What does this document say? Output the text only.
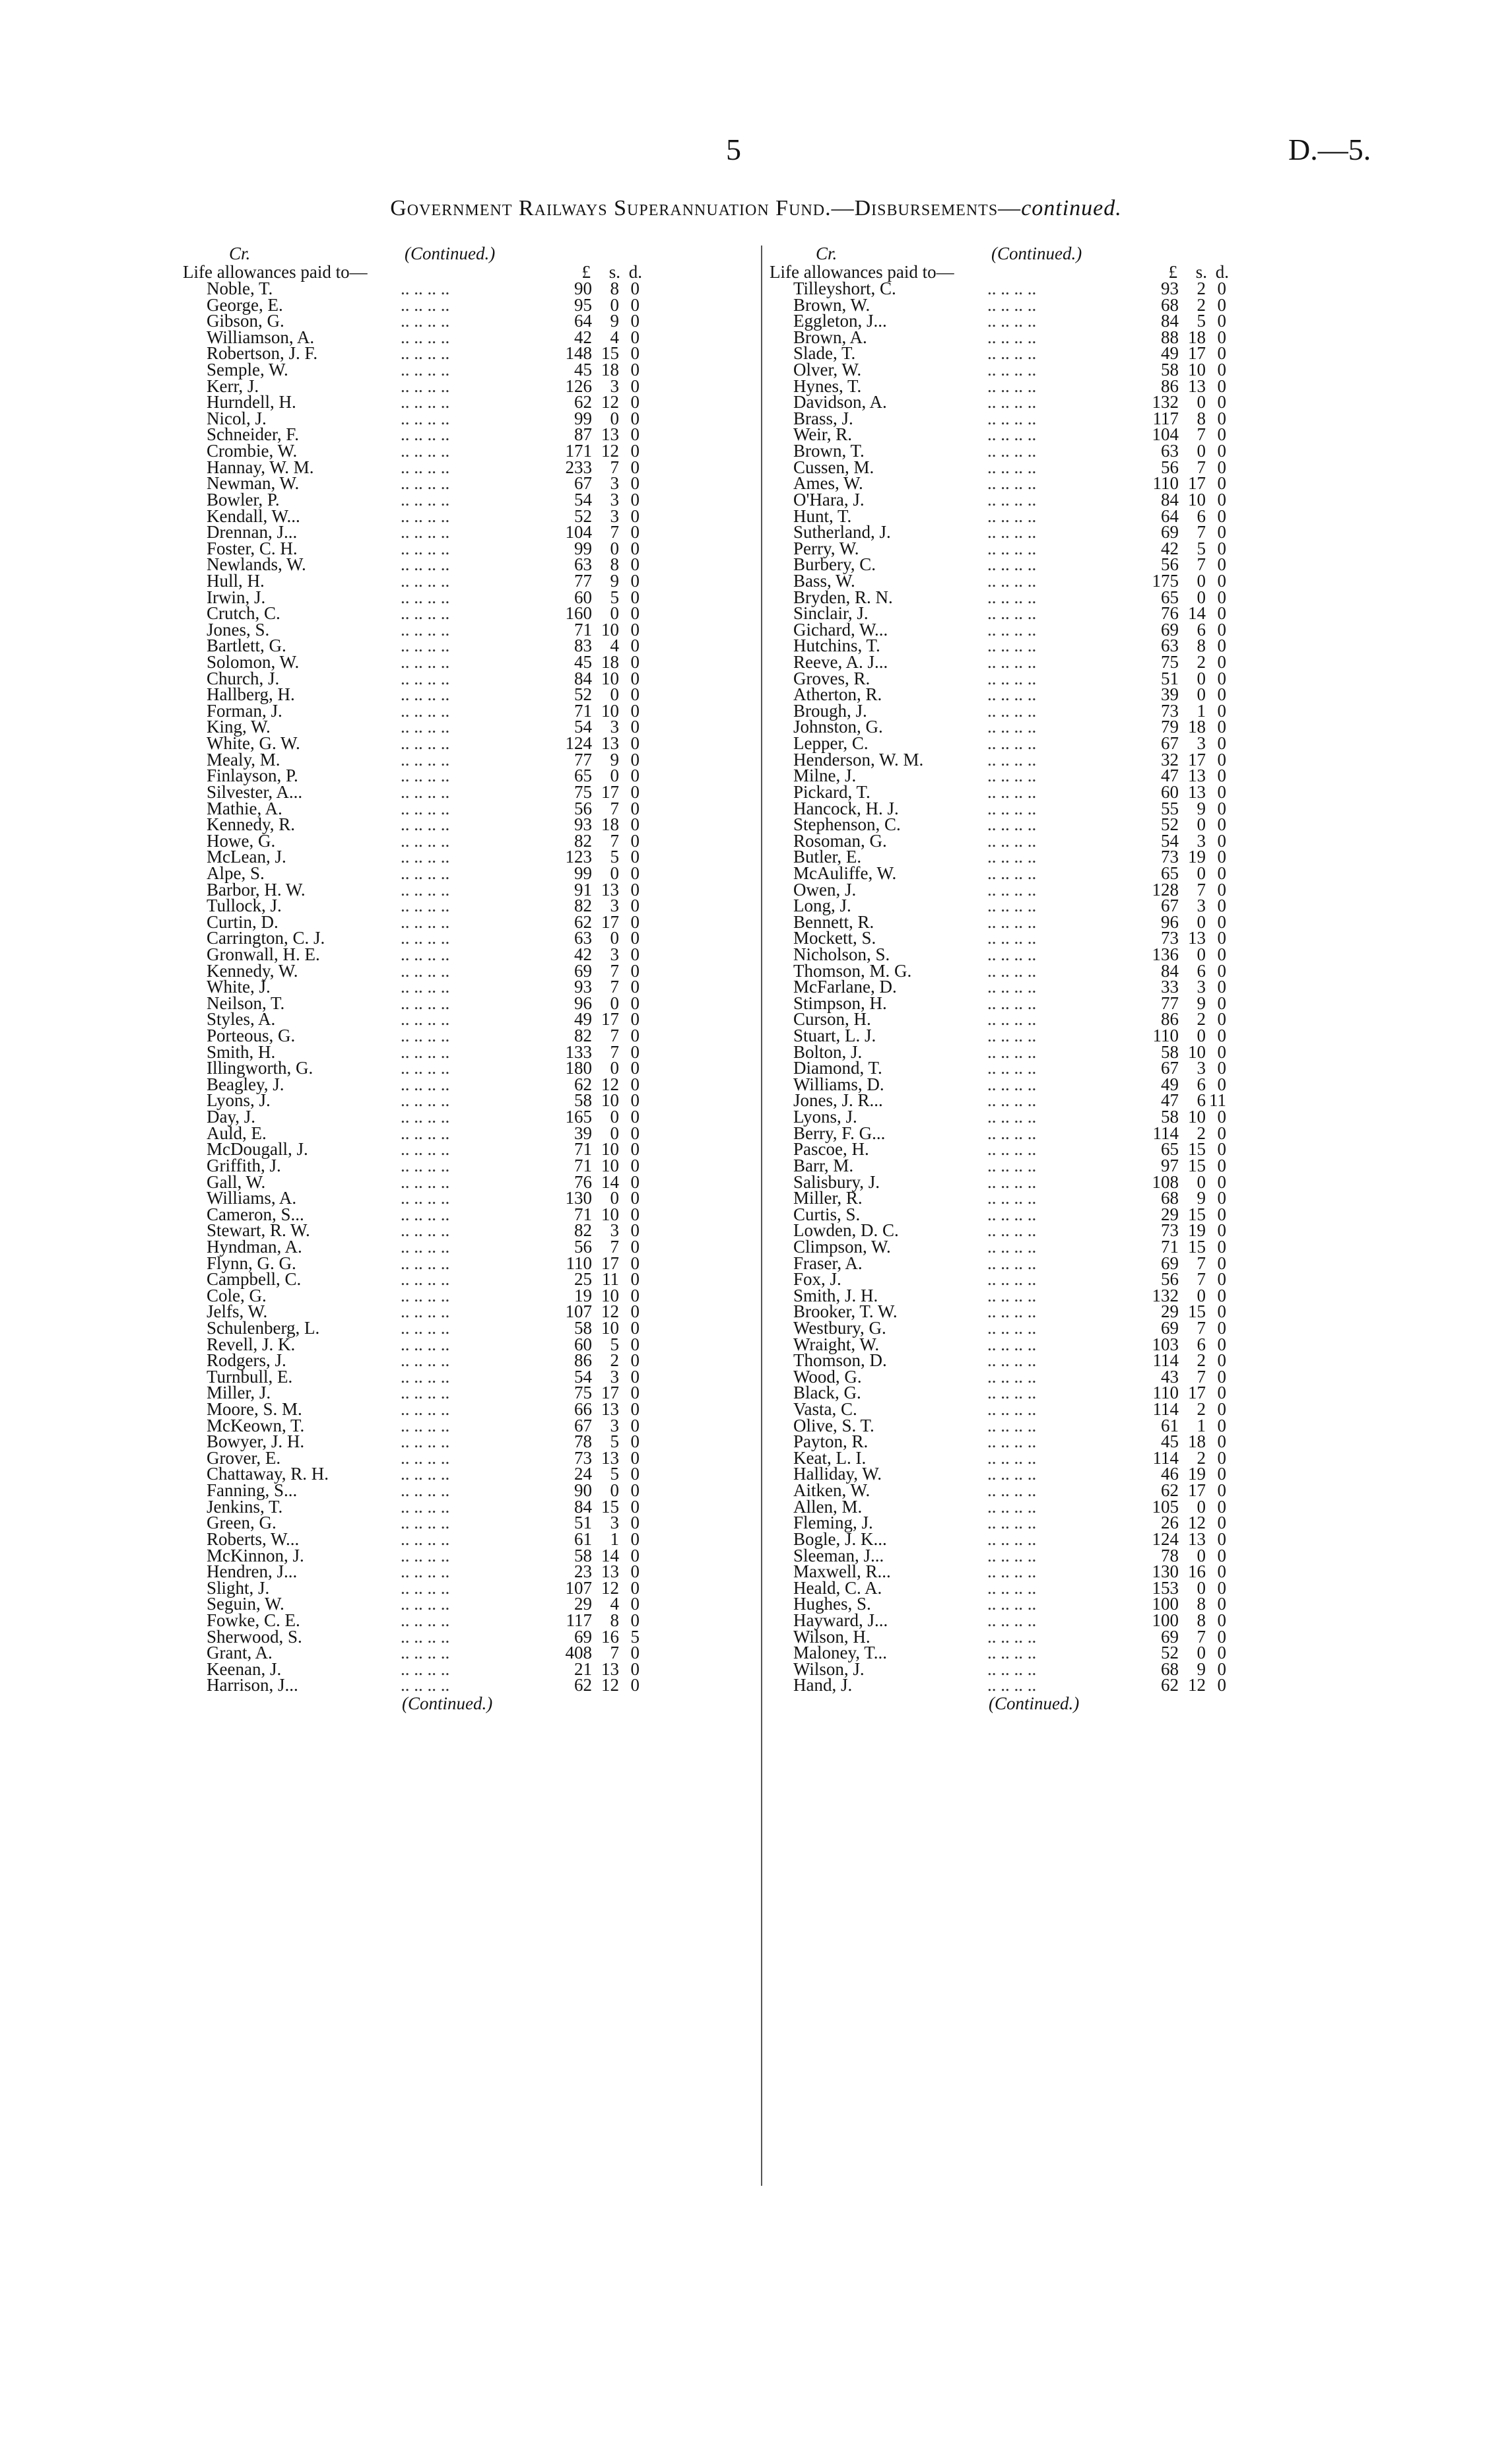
5	D.—5.
Government Railways Superannuation Fund.—Disbursements—continued.
Cr.	(Continued.)
Life allowances paid to—	£	s. d.
Noble, T.	.. .. .. ..	90	8 0
George, E.	.. .. .. ..	95	0 0
Gibson, G.	.. .. .. ..	64	9 0
Williamson, A.	.. .. .. ..	42	4 0
Robertson, J. F.	.. .. .. ..	148 15 0
Semple, W.	.. .. .. ..	45 18 0
Kerr, J.	.. .. .. ..	126	3 0
Hurndell, H.	.. .. .. ..	62 12 0
Nicol, J.	.. .. .. ..	99	0 0
Schneider, F.	.. .. .. ..	87 13 0
Crombie, W.	.. .. .. ..	171 12 0
Hannay, W. M.	.. .. .. ..	233	7 0
Newman, W.	.. .. .. ..	67	3 0
Bowler, P.	.. .. .. ..	54	3 0
Kendall, W...	.. .. .. ..	52	3 0
Drennan, J...	.. .. .. ..	104	7 0
Foster, C. H.	.. .. .. ..	99	0 0
Newlands, W.	.. .. .. ..	63	8 0
Hull, H.	.. .. .. ..	77	9 0
Irwin, J.	.. .. .. ..	60	5 0
Crutch, C.	.. .. .. ..	160	0 0
Jones, S.	.. .. .. ..	71 10 0
Bartlett, G.	.. .. .. ..	83	4 0
Solomon, W.	.. .. .. ..	45 18 0
Church, J.	.. .. .. ..	84 10 0
Hallberg, H.	.. .. .. ..	52	0 0
Forman, J.	.. .. .. ..	71 10 0
King, W.	.. .. .. ..	54	3 0
White, G. W.	.. .. .. ..	124 13 0
Mealy, M.	.. .. .. ..	77	9 0
Finlayson, P.	.. .. .. ..	65	0 0
Silvester, A...	.. .. .. ..	75 17 0
Mathie, A.	.. .. .. ..	56	7 0
Kennedy, R.	.. .. .. ..	93 18 0
Howe, G.	.. .. .. ..	82	7 0
McLean, J.	.. .. .. ..	123	5 0
Alpe, S.	.. .. .. ..	99	0 0
Barbor, H. W.	.. .. .. ..	91 13 0
Tullock, J.	.. .. .. ..	82	3 0
Curtin, D.	.. .. .. ..	62 17 0
Carrington, C. J.	.. .. .. ..	63	0 0
Gronwall, H. E.	.. .. .. ..	42	3 0
Kennedy, W.	.. .. .. ..	69	7 0
White, J.	.. .. .. ..	93	7 0
Neilson, T.	.. .. .. ..	96	0 0
Styles, A.	.. .. .. ..	49 17 0
Porteous, G.	.. .. .. ..	82	7 0
Smith, H.	.. .. .. ..	133	7 0
Illingworth, G.	.. .. .. ..	180	0 0
Beagley, J.	.. .. .. ..	62 12 0
Lyons, J.	.. .. .. ..	58 10 0
Day, J.	.. .. .. ..	165	0 0
Auld, E.	.. .. .. ..	39	0 0
McDougall, J.	.. .. .. ..	71 10 0
Griffith, J.	.. .. .. ..	71 10 0
Gall, W.	.. .. .. ..	76 14 0
Williams, A.	.. .. .. ..	130	0 0
Cameron, S...	.. .. .. ..	71 10 0
Stewart, R. W.	.. .. .. ..	82	3 0
Hyndman, A.	.. .. .. ..	56	7 0
Flynn, G. G.	.. .. .. ..	110 17 0
Campbell, C.	.. .. .. ..	25 11 0
Cole, G.	.. .. .. ..	19 10 0
Jelfs, W.	.. .. .. ..	107 12 0
Schulenberg, L.	.. .. .. ..	58 10 0
Revell, J. K.	.. .. .. ..	60	5 0
Rodgers, J.	.. .. .. ..	86	2 0
Turnbull, E.	.. .. .. ..	54	3 0
Miller, J.	.. .. .. ..	75 17 0
Moore, S. M.	.. .. .. ..	66 13 0
McKeown, T.	.. .. .. ..	67	3 0
Bowyer, J. H.	.. .. .. ..	78	5 0
Grover, E.	.. .. .. ..	73 13 0
Chattaway, R. H.	.. .. .. ..	24	5 0
Fanning, S...	.. .. .. ..	90	0 0
Jenkins, T.	.. .. .. ..	84 15 0
Green, G.	.. .. .. ..	51	3 0
Roberts, W...	.. .. .. ..	61	1 0
McKinnon, J.	.. .. .. ..	58 14 0
Hendren, J...	.. .. .. ..	23 13 0
Slight, J.	.. .. .. ..	107 12 0
Seguin, W.	.. .. .. ..	29	4 0
Fowke, C. E.	.. .. .. ..	117	8 0
Sherwood, S.	.. .. .. ..	69 16 5
Grant, A.	.. .. .. ..	408	7 0
Keenan, J.	.. .. .. ..	21 13 0
Harrison, J...	.. .. .. ..	62 12 0
(Continued.)
Cr.	(Continued.)
Life allowances paid to—	£	s. d.
Tilleyshort, C.	.. .. .. ..	93	2 0
Brown, W.	.. .. .. ..	68	2 0
Eggleton, J...	.. .. .. ..	84	5 0
Brown, A.	.. .. .. ..	88 18 0
Slade, T.	.. .. .. ..	49 17 0
Olver, W.	.. .. .. ..	58 10 0
Hynes, T.	.. .. .. ..	86 13 0
Davidson, A.	.. .. .. ..	132	0 0
Brass, J.	.. .. .. ..	117	8 0
Weir, R.	.. .. .. ..	104	7 0
Brown, T.	.. .. .. ..	63	0 0
Cussen, M.	.. .. .. ..	56	7 0
Ames, W.	.. .. .. ..	110 17 0
O'Hara, J.	.. .. .. ..	84 10 0
Hunt, T.	.. .. .. ..	64	6 0
Sutherland, J.	.. .. .. ..	69	7 0
Perry, W.	.. .. .. ..	42	5 0
Burbery, C.	.. .. .. ..	56	7 0
Bass, W.	.. .. .. ..	175	0 0
Bryden, R. N.	.. .. .. ..	65	0 0
Sinclair, J.	.. .. .. ..	76 14 0
Gichard, W...	.. .. .. ..	69	6 0
Hutchins, T.	.. .. .. ..	63	8 0
Reeve, A. J...	.. .. .. ..	75	2 0
Groves, R.	.. .. .. ..	51	0 0
Atherton, R.	.. .. .. ..	39	0 0
Brough, J.	.. .. .. ..	73	1 0
Johnston, G.	.. .. .. ..	79 18 0
Lepper, C.	.. .. .. ..	67	3 0
Henderson, W. M.	.. .. .. ..	32 17 0
Milne, J.	.. .. .. ..	47 13 0
Pickard, T.	.. .. .. ..	60 13 0
Hancock, H. J.	.. .. .. ..	55	9 0
Stephenson, C.	.. .. .. ..	52	0 0
Rosoman, G.	.. .. .. ..	54	3 0
Butler, E.	.. .. .. ..	73 19 0
McAuliffe, W.	.. .. .. ..	65	0 0
Owen, J.	.. .. .. ..	128	7 0
Long, J.	.. .. .. ..	67	3 0
Bennett, R.	.. .. .. ..	96	0 0
Mockett, S.	.. .. .. ..	73 13 0
Nicholson, S.	.. .. .. ..	136	0 0
Thomson, M. G.	.. .. .. ..	84	6 0
McFarlane, D.	.. .. .. ..	33	3 0
Stimpson, H.	.. .. .. ..	77	9 0
Curson, H.	.. .. .. ..	86	2 0
Stuart, L. J.	.. .. .. ..	110	0 0
Bolton, J.	.. .. .. ..	58 10 0
Diamond, T.	.. .. .. ..	67	3 0
Williams, D.	.. .. .. ..	49	6 0
Jones, J. R...	.. .. .. ..	47	6 11
Lyons, J.	.. .. .. ..	58 10 0
Berry, F. G...	.. .. .. ..	114	2 0
Pascoe, H.	.. .. .. ..	65 15 0
Barr, M.	.. .. .. ..	97 15 0
Salisbury, J.	.. .. .. ..	108	0 0
Miller, R.	.. .. .. ..	68	9 0
Curtis, S.	.. .. .. ..	29 15 0
Lowden, D. C.	.. .. .. ..	73 19 0
Climpson, W.	.. .. .. ..	71 15 0
Fraser, A.	.. .. .. ..	69	7 0
Fox, J.	.. .. .. ..	56	7 0
Smith, J. H.	.. .. .. ..	132	0 0
Brooker, T. W.	.. .. .. ..	29 15 0
Westbury, G.	.. .. .. ..	69	7 0
Wraight, W.	.. .. .. ..	103	6 0
Thomson, D.	.. .. .. ..	114	2 0
Wood, G.	.. .. .. ..	43	7 0
Black, G.	.. .. .. ..	110 17 0
Vasta, C.	.. .. .. ..	114	2 0
Olive, S. T.	.. .. .. ..	61	1 0
Payton, R.	.. .. .. ..	45 18 0
Keat, L. I.	.. .. .. ..	114	2 0
Halliday, W.	.. .. .. ..	46 19 0
Aitken, W.	.. .. .. ..	62 17 0
Allen, M.	.. .. .. ..	105	0 0
Fleming, J.	.. .. .. ..	26 12 0
Bogle, J. K...	.. .. .. ..	124 13 0
Sleeman, J...	.. .. .. ..	78	0 0
Maxwell, R...	.. .. .. ..	130 16 0
Heald, C. A.	.. .. .. ..	153	0 0
Hughes, S.	.. .. .. ..	100	8 0
Hayward, J...	.. .. .. ..	100	8 0
Wilson, H.	.. .. .. ..	69	7 0
Maloney, T...	.. .. .. ..	52	0 0
Wilson, J.	.. .. .. ..	68	9 0
Hand, J.	.. .. .. ..	62 12 0
(Continued.)
